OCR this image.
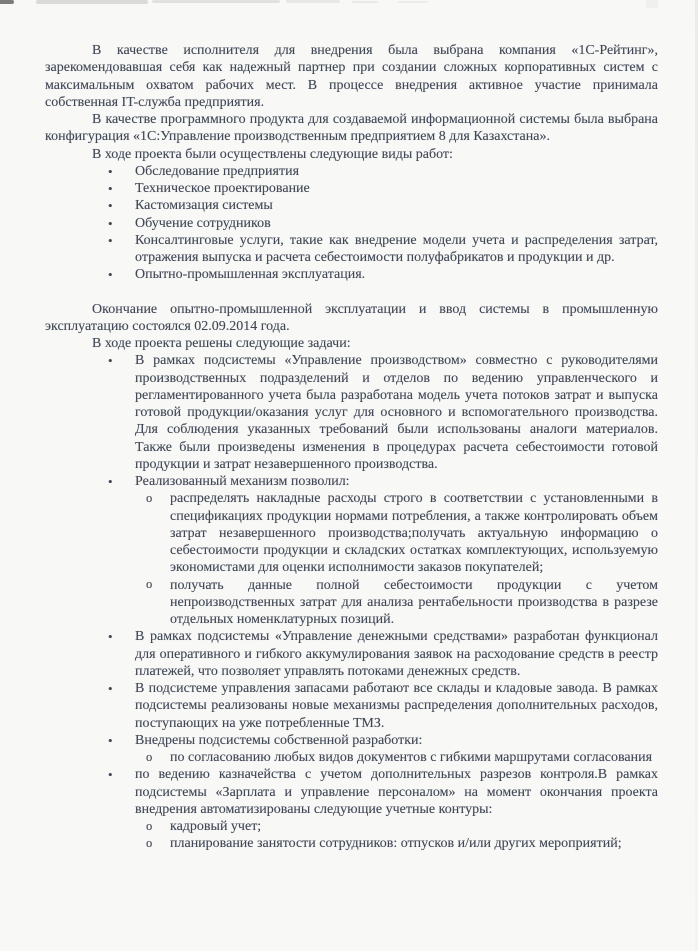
В качестве исполнителя для внедрения была выбрана компания «1С-Рейтинг», зарекомендовавшая себя как надежный партнер при создании сложных корпоративных систем с максимальным охватом рабочих мест. В процессе внедрения активное участие принимала собственная IT-служба предприятия.

В качестве программного продукта для создаваемой информационной системы была выбрана конфигурация «1С:Управление производственным предприятием 8 для Казахстана».

В ходе проекта были осуществлены следующие виды работ:

• Обследование предприятия
• Техническое проектирование
• Кастомизация системы
• Обучение сотрудников
• Консалтинговые услуги, такие как внедрение модели учета и распределения затрат, отражения выпуска и расчета себестоимости полуфабрикатов и продукции и др.
• Опытно-промышленная эксплуатация.

Окончание опытно-промышленной эксплуатации и ввод системы в промышленную эксплуатацию состоялся 02.09.2014 года.

В ходе проекта решены следующие задачи:

• В рамках подсистемы «Управление производством» совместно с руководителями производственных подразделений и отделов по ведению управленческого и регламентированного учета была разработана модель учета потоков затрат и выпуска готовой продукции/оказания услуг для основного и вспомогательного производства. Для соблюдения указанных требований были использованы аналоги материалов. Также были произведены изменения в процедурах расчета себестоимости готовой продукции и затрат незавершенного производства.
• Реализованный механизм позволил:
o распределять накладные расходы строго в соответствии с установленными в спецификациях продукции нормами потребления, а также контролировать объем затрат незавершенного производства;получать актуальную информацию о себестоимости продукции и складских остатках комплектующих, используемую экономистами для оценки исполнимости заказов покупателей;
o получать данные полной себестоимости продукции с учетом непроизводственных затрат для анализа рентабельности производства в разрезе отдельных номенклатурных позиций.
• В рамках подсистемы «Управление денежными средствами» разработан функционал для оперативного и гибкого аккумулирования заявок на расходование средств в реестр платежей, что позволяет управлять потоками денежных средств.
• В подсистеме управления запасами работают все склады и кладовые завода. В рамках подсистемы реализованы новые механизмы распределения дополнительных расходов, поступающих на уже потребленные ТМЗ.
• Внедрены подсистемы собственной разработки:
o по согласованию любых видов документов с гибкими маршрутами согласования
• по ведению казначейства с учетом дополнительных разрезов контроля.В рамках подсистемы «Зарплата и управление персоналом» на момент окончания проекта внедрения автоматизированы следующие учетные контуры:
o кадровый учет;
o планирование занятости сотрудников: отпусков и/или других мероприятий;
